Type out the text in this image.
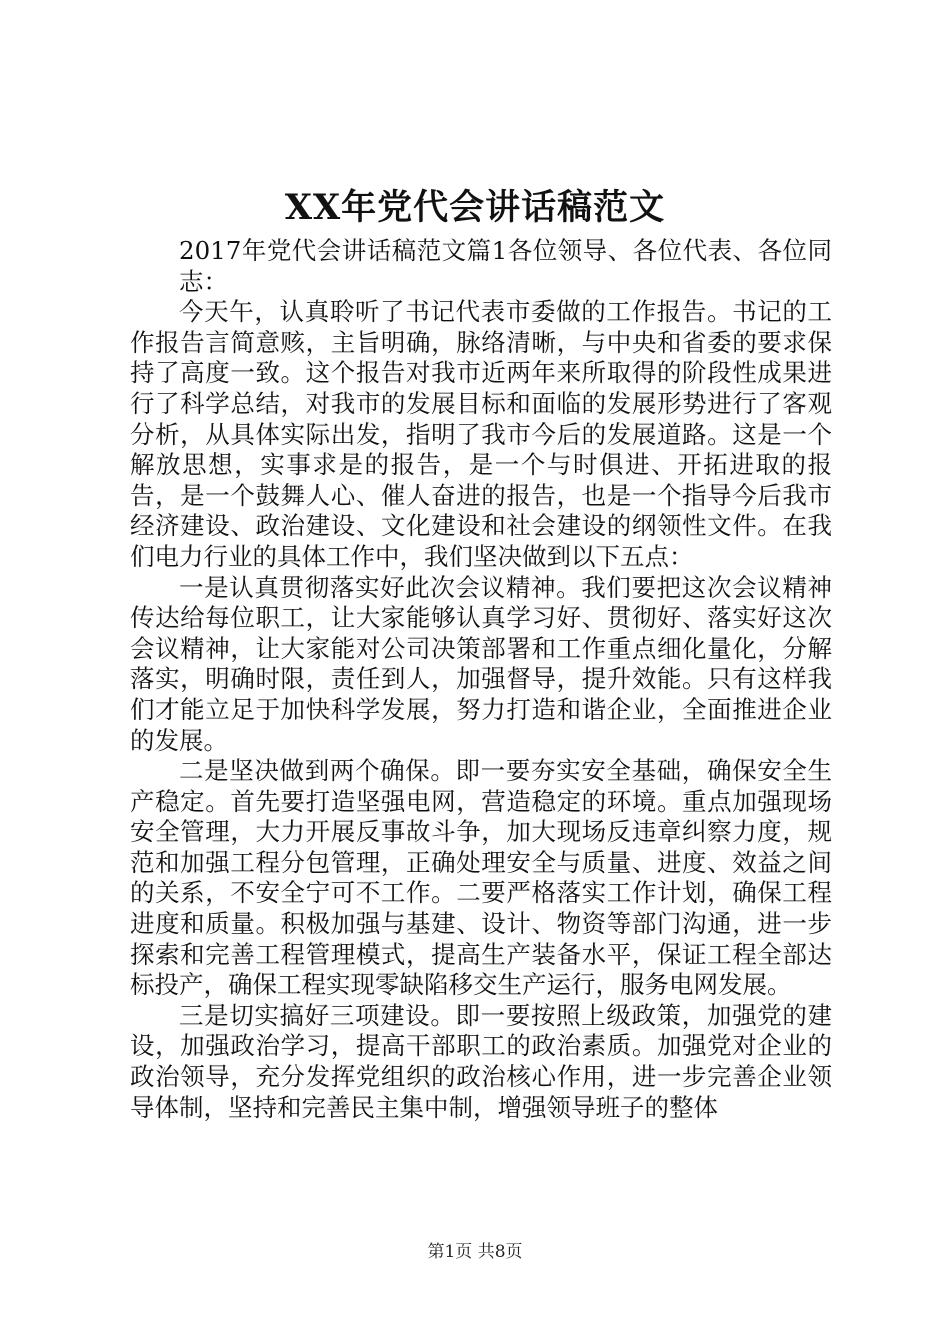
XX年党代会讲话稿范文

2017年党代会讲话稿范文篇1各位领导、各位代表、各位同志：

今天午，认真聆听了书记代表市委做的工作报告。书记的工作报告言简意赅，主旨明确，脉络清晰，与中央和省委的要求保持了高度一致。这个报告对我市近两年来所取得的阶段性成果进行了科学总结，对我市的发展目标和面临的发展形势进行了客观分析，从具体实际出发，指明了我市今后的发展道路。这是一个解放思想，实事求是的报告，是一个与时俱进、开拓进取的报告，是一个鼓舞人心、催人奋进的报告，也是一个指导今后我市经济建设、政治建设、文化建设和社会建设的纲领性文件。在我们电力行业的具体工作中，我们坚决做到以下五点：

一是认真贯彻落实好此次会议精神。我们要把这次会议精神传达给每位职工，让大家能够认真学习好、贯彻好、落实好这次会议精神，让大家能对公司决策部署和工作重点细化量化，分解落实，明确时限，责任到人，加强督导，提升效能。只有这样我们才能立足于加快科学发展，努力打造和谐企业，全面推进企业的发展。

二是坚决做到两个确保。即一要夯实安全基础，确保安全生产稳定。首先要打造坚强电网，营造稳定的环境。重点加强现场安全管理，大力开展反事故斗争，加大现场反违章纠察力度，规范和加强工程分包管理，正确处理安全与质量、进度、效益之间的关系，不安全宁可不工作。二要严格落实工作计划，确保工程进度和质量。积极加强与基建、设计、物资等部门沟通，进一步探索和完善工程管理模式，提高生产装备水平，保证工程全部达标投产，确保工程实现零缺陷移交生产运行，服务电网发展。

三是切实搞好三项建设。即一要按照上级政策，加强党的建设，加强政治学习，提高干部职工的政治素质。加强党对企业的政治领导，充分发挥党组织的政治核心作用，进一步完善企业领导体制，坚持和完善民主集中制，增强领导班子的整体

第1页 共8页
